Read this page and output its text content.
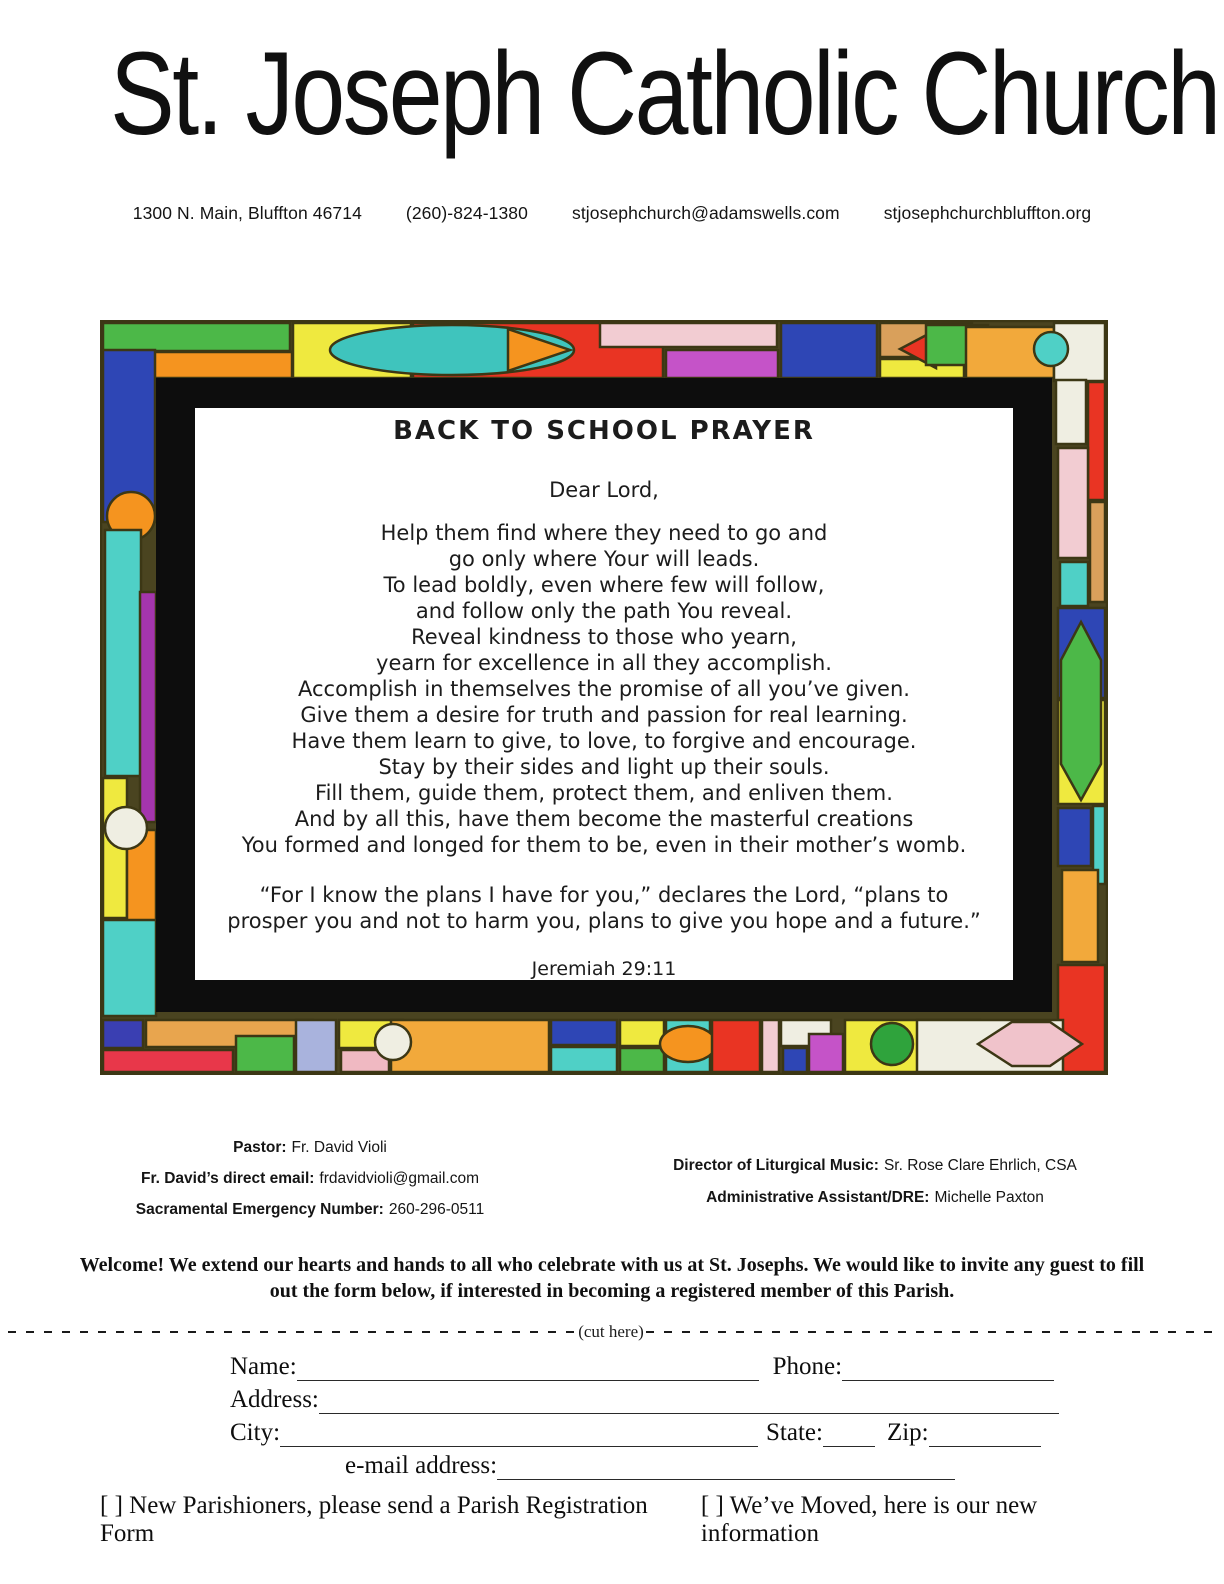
St. Joseph Catholic Church
1300 N. Main, Bluffton 46714	(260)-824-1380	stjosephchurch@adamswells.com	stjosephchurchbluffton.org
BACK TO SCHOOL PRAYER
Dear Lord,
Help them find where they need to go and
go only where Your will leads.
To lead boldly, even where few will follow,
and follow only the path You reveal.
Reveal kindness to those who yearn,
yearn for excellence in all they accomplish.
Accomplish in themselves the promise of all you’ve given.
Give them a desire for truth and passion for real learning.
Have them learn to give, to love, to forgive and encourage.
Stay by their sides and light up their souls.
Fill them, guide them, protect them, and enliven them.
And by all this, have them become the masterful creations
You formed and longed for them to be, even in their mother’s womb.
“For I know the plans I have for you,” declares the Lord, “plans to
prosper you and not to harm you, plans to give you hope and a future.”
Jeremiah 29:11
Pastor: Fr. David Violi
Fr. David’s direct email: frdavidvioli@gmail.com
Sacramental Emergency Number: 260-296-0511
Director of Liturgical Music: Sr. Rose Clare Ehrlich, CSA
Administrative Assistant/DRE: Michelle Paxton
Welcome! We extend our hearts and hands to all who celebrate with us at St. Josephs. We would like to invite any guest to fill
out the form below, if interested in becoming a registered member of this Parish.
(cut here)
Name:	Phone:
Address:
City:	State:	Zip:
e-mail address:
[ ] New Parishioners, please send a Parish Registration Form
[ ] We’ve Moved, here is our new information
